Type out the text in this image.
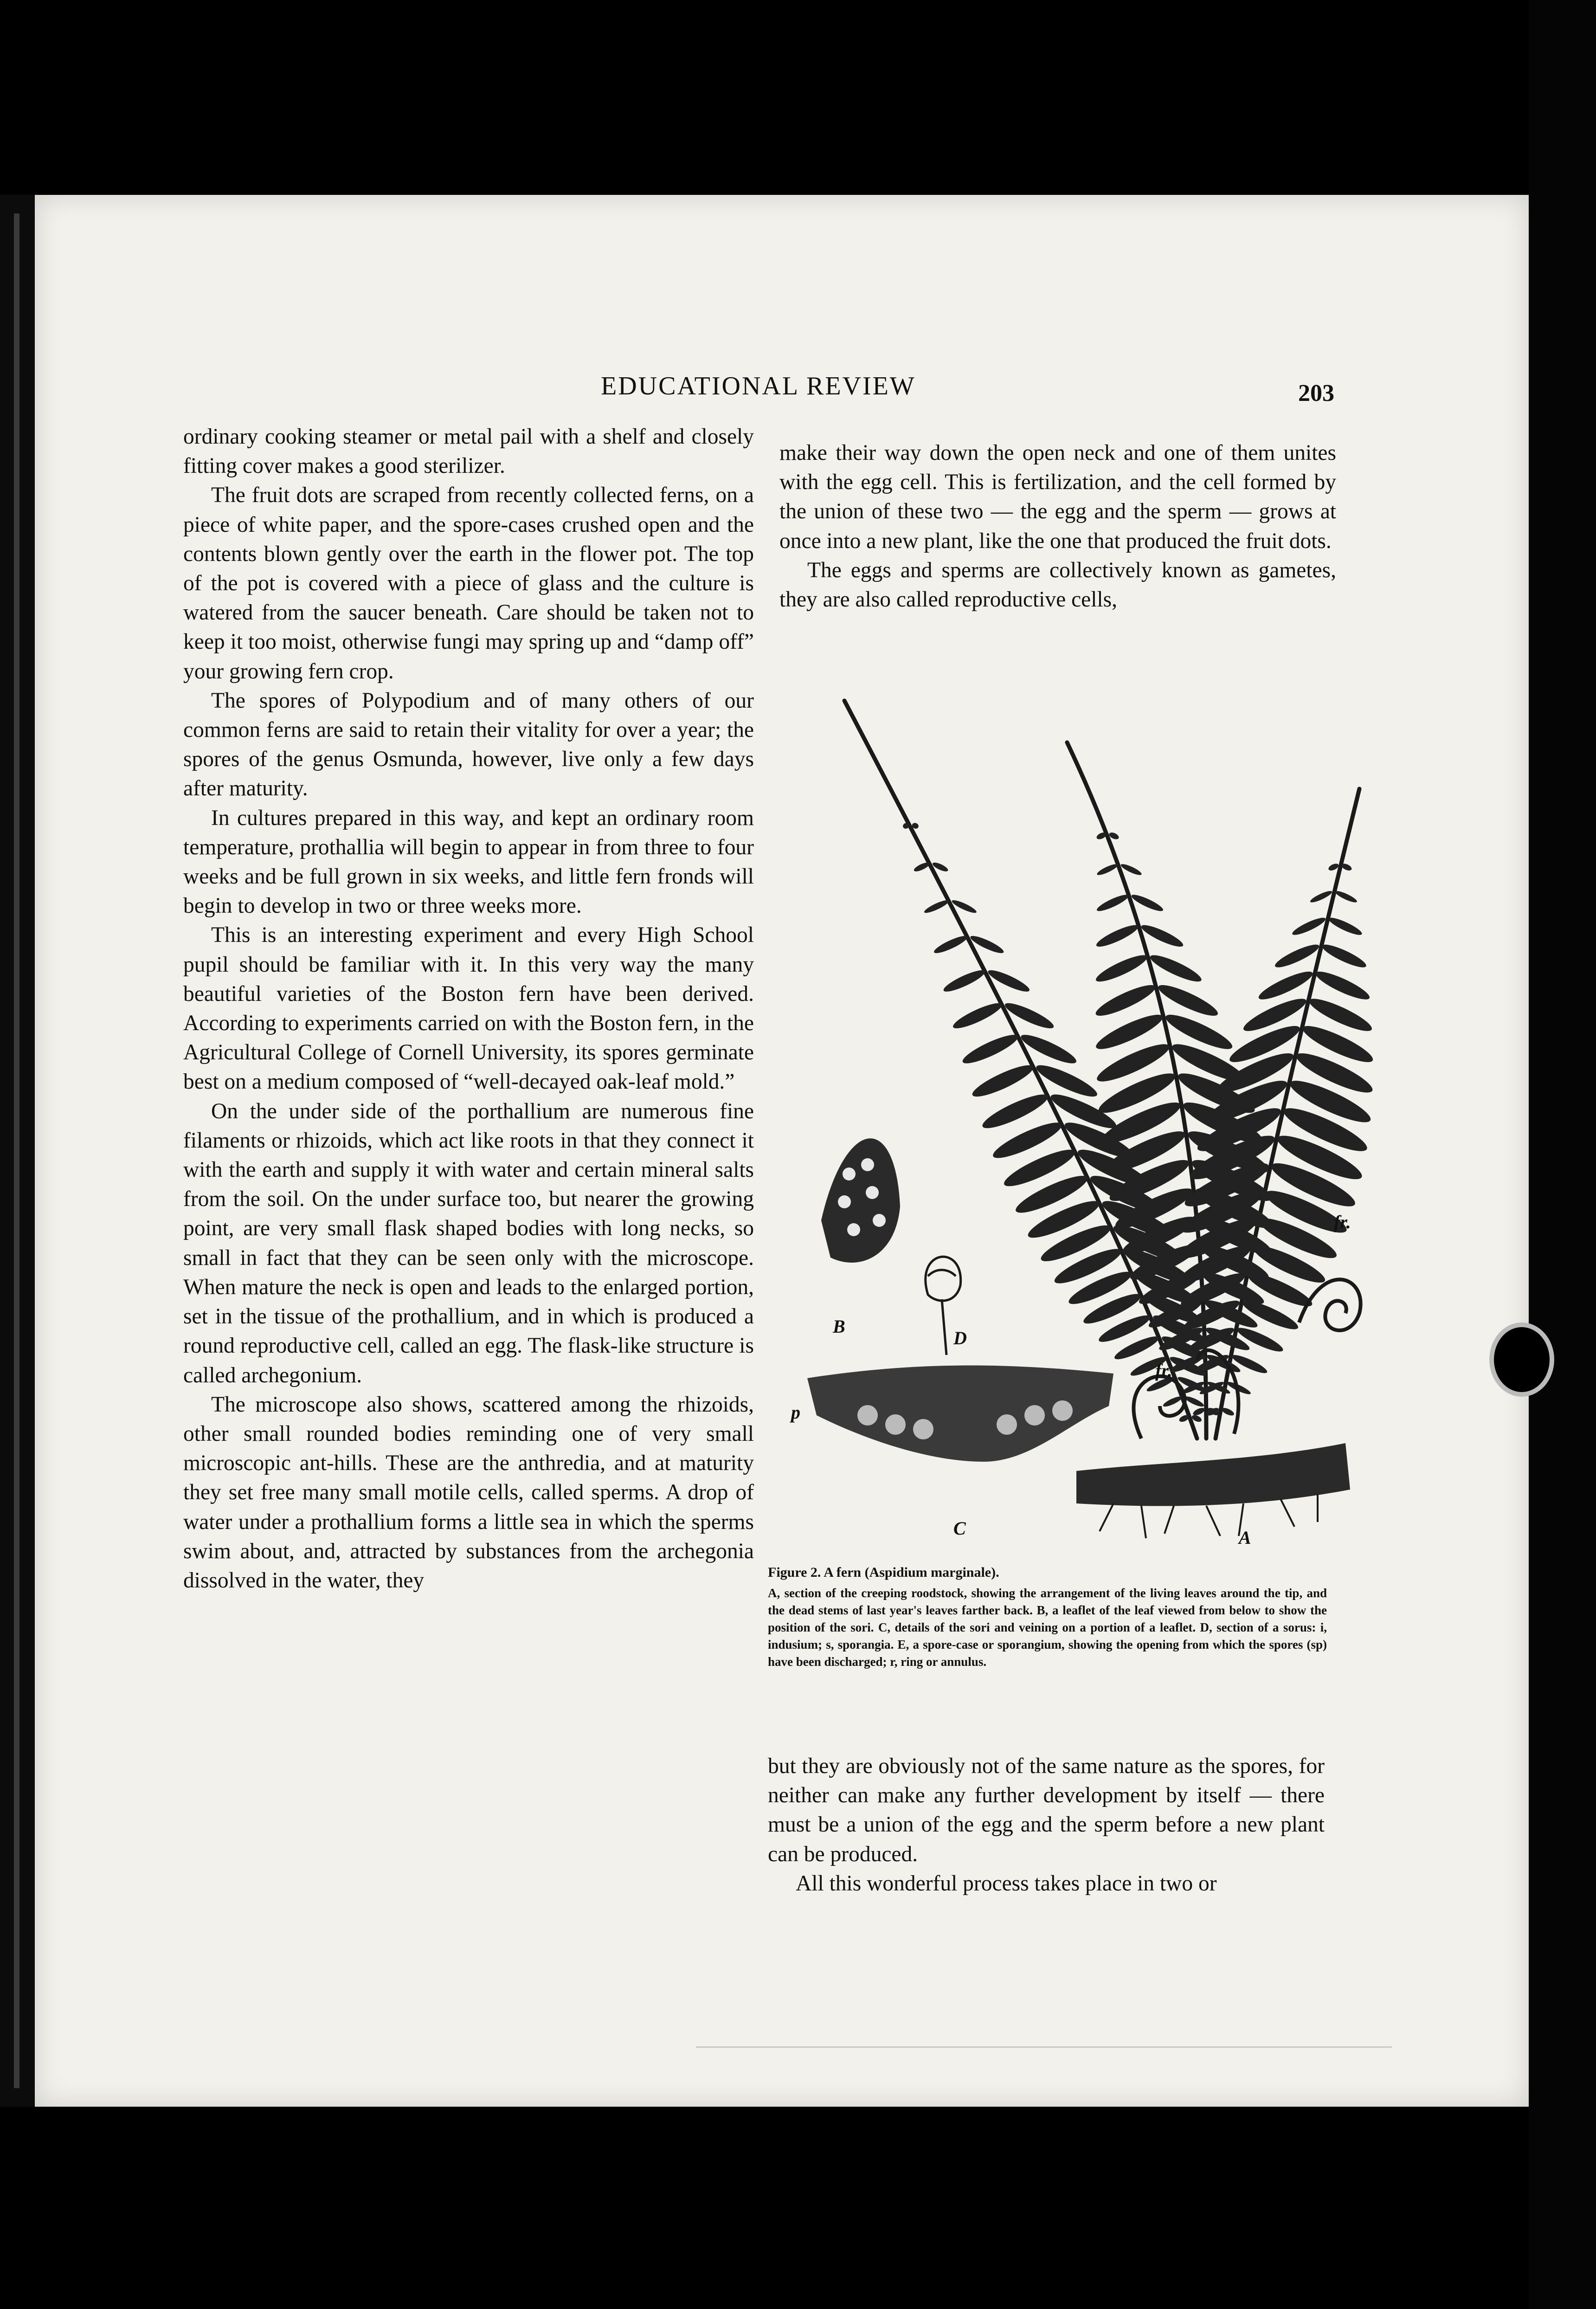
EDUCATIONAL REVIEW	203

ordinary cooking steamer or metal pail with a shelf and closely fitting cover makes a good sterilizer.

The fruit dots are scraped from recently collected ferns, on a piece of white paper, and the spore-cases crushed open and the contents blown gently over the earth in the flower pot. The top of the pot is covered with a piece of glass and the culture is watered from the saucer beneath. Care should be taken not to keep it too moist, otherwise fungi may spring up and “damp off” your growing fern crop.

The spores of Polypodium and of many others of our common ferns are said to retain their vitality for over a year; the spores of the genus Osmunda, however, live only a few days after maturity.

In cultures prepared in this way, and kept an ordinary room temperature, prothallia will begin to appear in from three to four weeks and be full grown in six weeks, and little fern fronds will begin to develop in two or three weeks more.

This is an interesting experiment and every High School pupil should be familiar with it. In this very way the many beautiful varieties of the Boston fern have been derived. According to experiments carried on with the Boston fern, in the Agricultural College of Cornell University, its spores germinate best on a medium composed of “well-decayed oak-leaf mold.”

On the under side of the porthallium are numerous fine filaments or rhizoids, which act like roots in that they connect it with the earth and supply it with water and certain mineral salts from the soil. On the under surface too, but nearer the growing point, are very small flask shaped bodies with long necks, so small in fact that they can be seen only with the microscope. When mature the neck is open and leads to the enlarged portion, set in the tissue of the prothallium, and in which is produced a round reproductive cell, called an egg. The flask-like structure is called archegonium.

The microscope also shows, scattered among the rhizoids, other small rounded bodies reminding one of very small microscopic ant-hills. These are the anthredia, and at maturity they set free many small motile cells, called sperms. A drop of water under a prothallium forms a little sea in which the sperms swim about, and, attracted by substances from the archegonia dissolved in the water, they

make their way down the open neck and one of them unites with the egg cell. This is fertilization, and the cell formed by the union of these two — the egg and the sperm — grows at once into a new plant, like the one that produced the fruit dots.

The eggs and sperms are collectively known as gametes, they are also called reproductive cells,

B
D
p
C	A
fr.
fr.
Figure 2. A fern (Aspidium marginale).
A, section of the creeping roodstock, showing the arrangement of the living leaves around the tip, and the dead stems of last year's leaves farther back. B, a leaflet of the leaf viewed from below to show the position of the sori. C, details of the sori and veining on a portion of a leaflet. D, section of a sorus: i, indusium; s, sporangia. E, a spore-case or sporangium, showing the opening from which the spores (sp) have been discharged; r, ring or annulus.

but they are obviously not of the same nature as the spores, for neither can make any further development by itself — there must be a union of the egg and the sperm before a new plant can be produced.

All this wonderful process takes place in two or
